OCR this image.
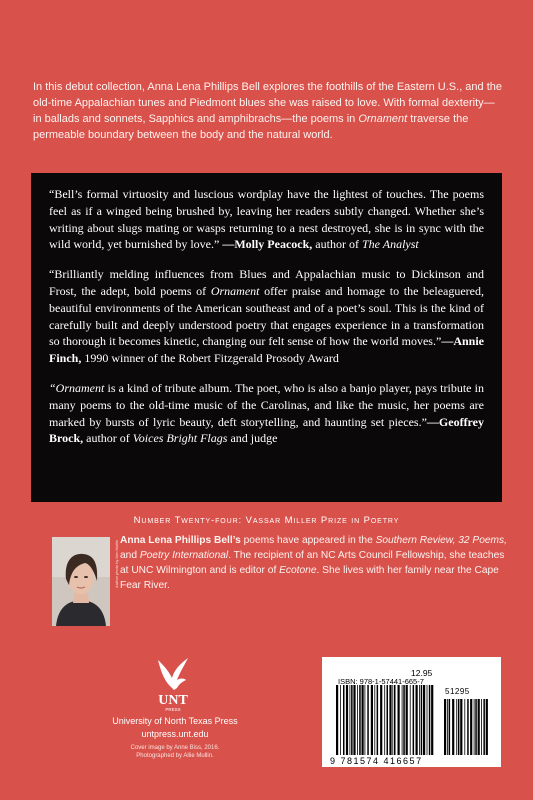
In this debut collection, Anna Lena Phillips Bell explores the foothills of the Eastern U.S., and the old-time Appalachian tunes and Piedmont blues she was raised to love. With formal dexterity—in ballads and sonnets, Sapphics and amphibrachs—the poems in Ornament traverse the permeable boundary between the body and the natural world.

“Bell’s formal virtuosity and luscious wordplay have the lightest of touches. The poems feel as if a winged being brushed by, leaving her readers subtly changed. Whether she’s writing about slugs mating or wasps returning to a nest destroyed, she is in sync with the wild world, yet burnished by love.” —Molly Peacock, author of The Analyst

“Brilliantly melding influences from Blues and Appalachian music to Dickinson and Frost, the adept, bold poems of Ornament offer praise and homage to the beleaguered, beautiful environments of the American southeast and of a poet’s soul. This is the kind of carefully built and deeply understood poetry that engages experience in a transformation so thorough it becomes kinetic, changing our felt sense of how the world moves.”—Annie Finch, 1990 winner of the Robert Fitzgerald Prosody Award

“Ornament is a kind of tribute album. The poet, who is also a banjo player, pays tribute in many poems to the old-time music of the Carolinas, and like the music, her poems are marked by bursts of lyric beauty, deft storytelling, and haunting set pieces.”—Geoffrey Brock, author of Voices Bright Flags and judge

Number Twenty-four: Vassar Miller Prize in Poetry
Author photo by Ann Mullin Anna Lena Phillips Bell’s poems have appeared in the Southern Review, 32 Poems, and Poetry International. The recipient of an NC Arts Council Fellowship, she teaches at UNC Wilmington and is editor of Ecotone. She lives with her family near the Cape Fear River.
UNT
PRESS
University of North Texas Press
untpress.unt.edu
Cover image by Anne Biss, 2016.
Photographed by Allie Mullin.
12.95
ISBN: 978-1-57441-665-7
51295
9 781574 416657
